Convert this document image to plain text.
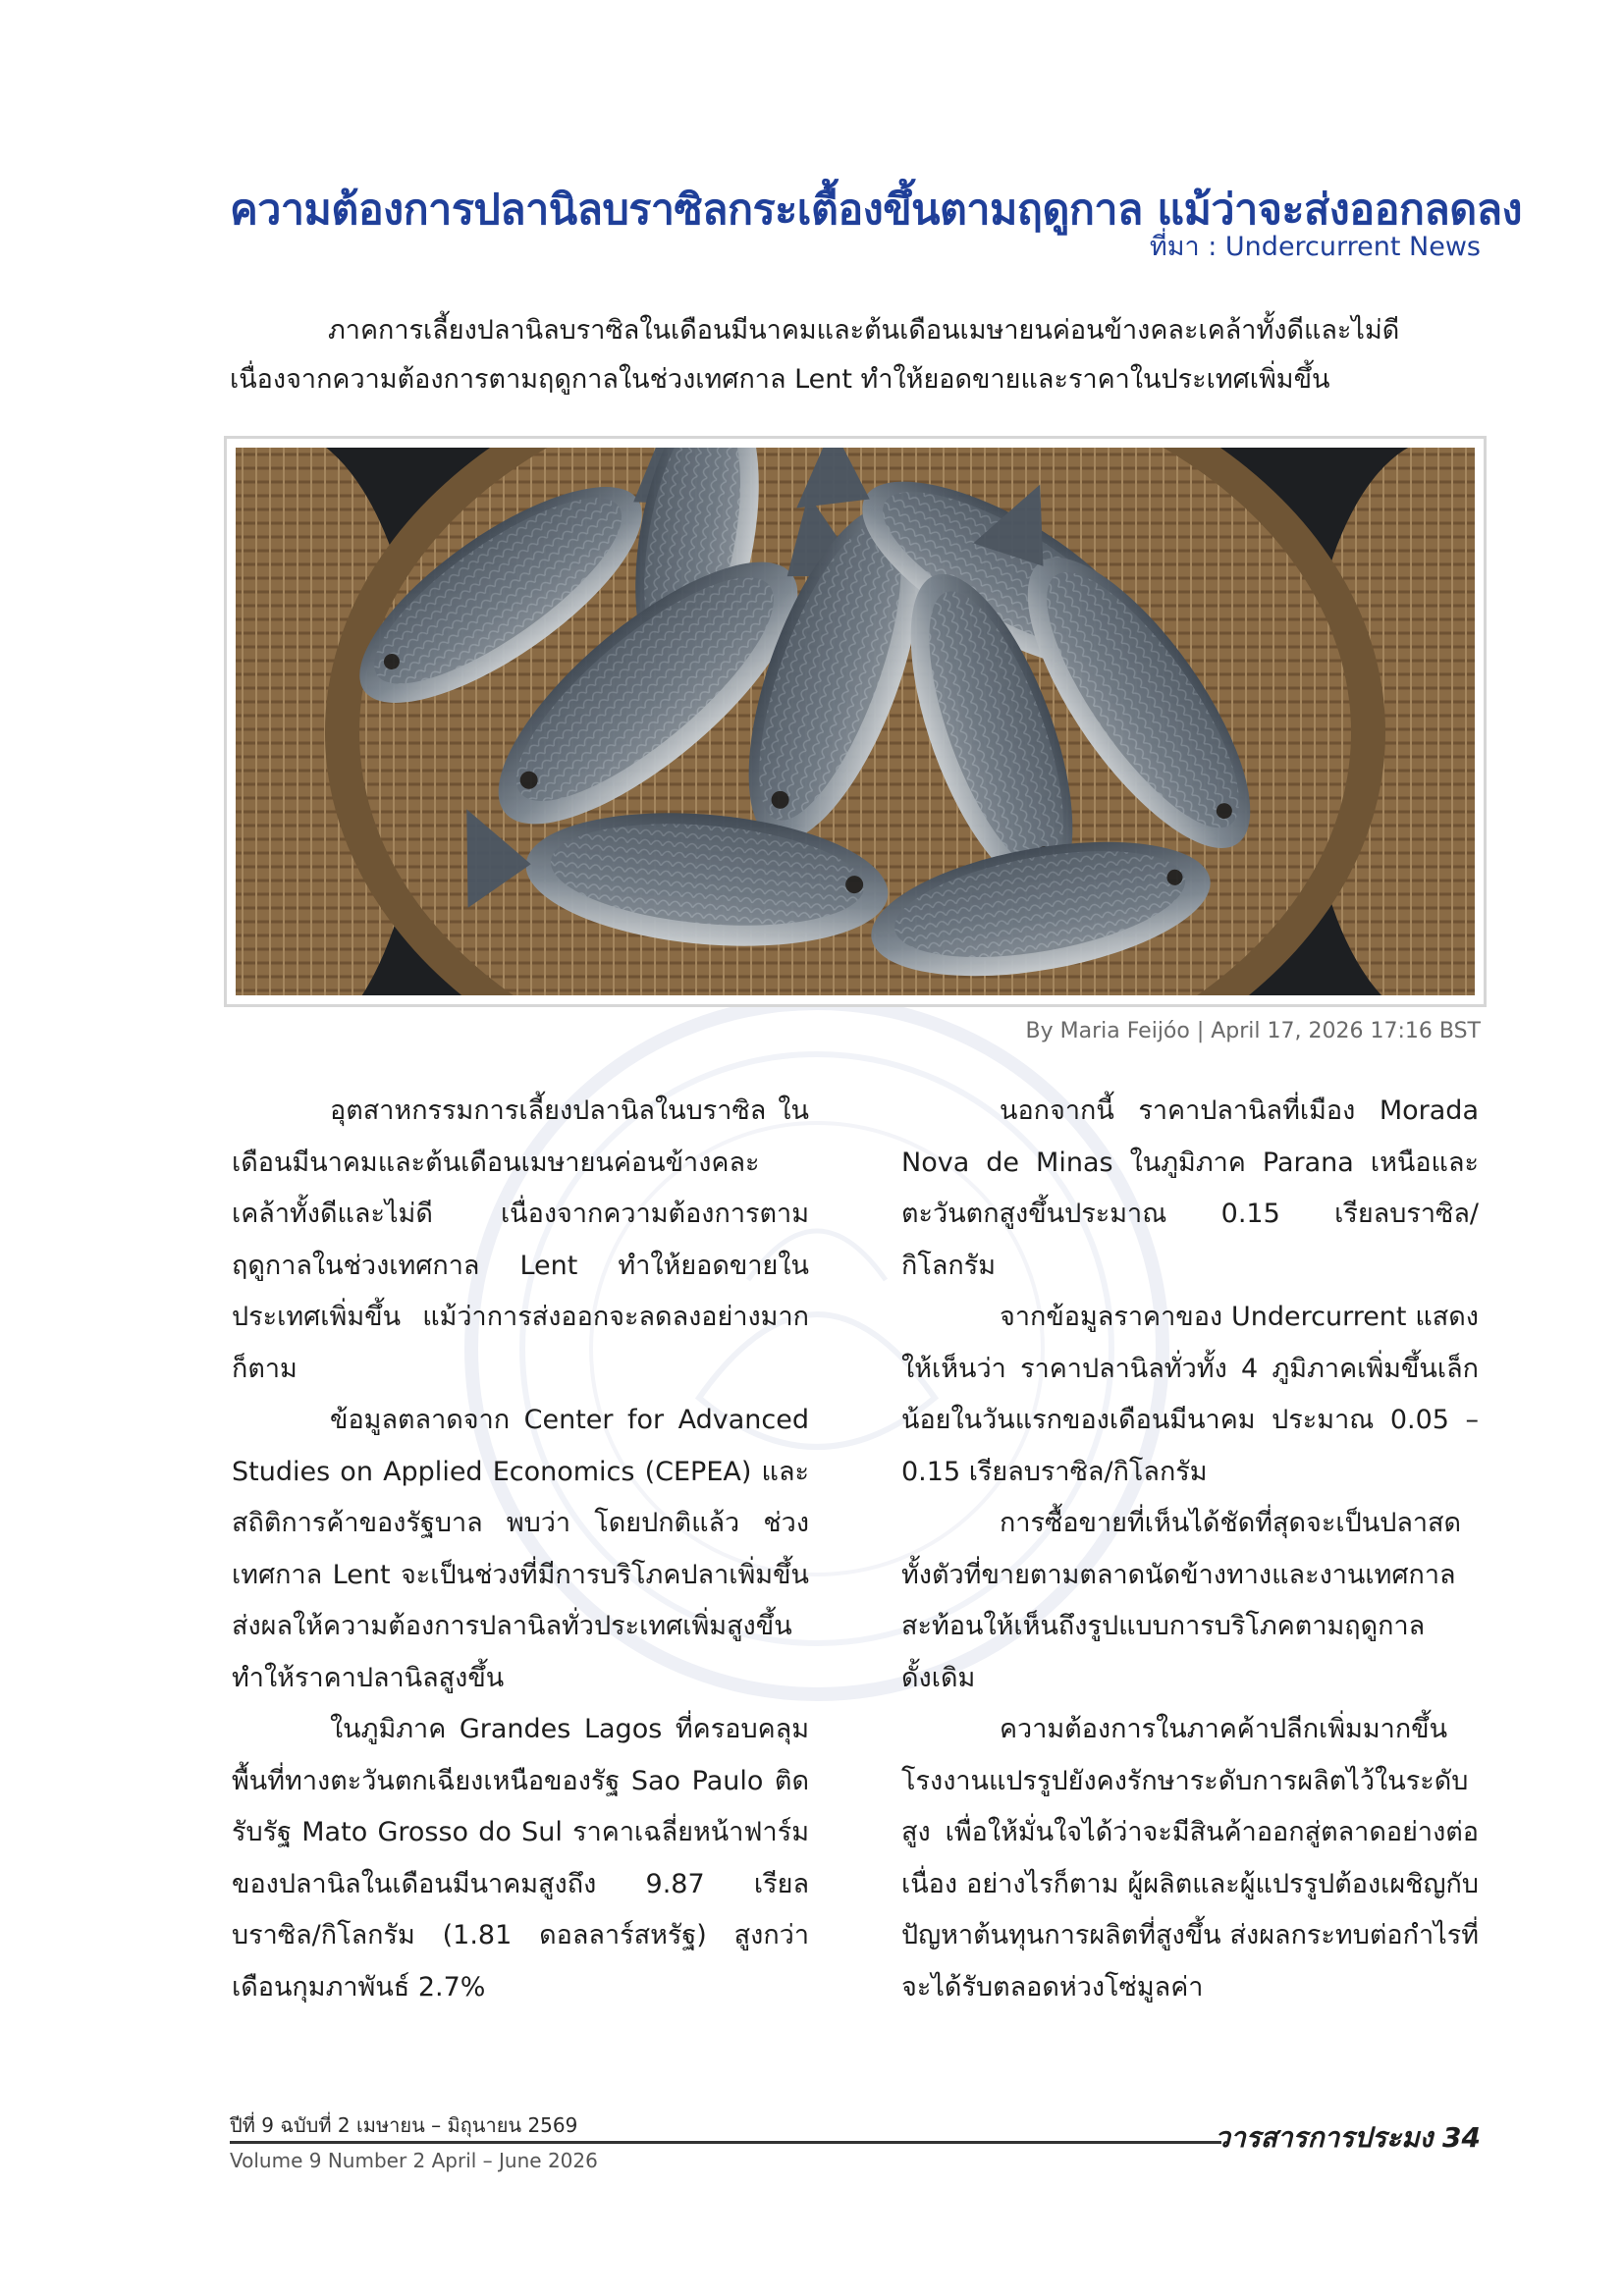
ความต้องการปลานิลบราซิลกระเตื้องขึ้นตามฤดูกาล แม้ว่าจะส่งออกลดลง
ที่มา : Undercurrent News

ภาคการเลี้ยงปลานิลบราซิลในเดือนมีนาคมและต้นเดือนเมษายนค่อนข้างคละเคล้าทั้งดีและไม่ดี เนื่องจากความต้องการตามฤดูกาลในช่วงเทศกาล Lent ทำให้ยอดขายและราคาในประเทศเพิ่มขึ้น

By Maria Feijóo | April 17, 2026 17:16 BST

อุตสาหกรรมการเลี้ยงปลานิลในบราซิล ในเดือนมีนาคมและต้นเดือนเมษายนค่อนข้างคละเคล้าทั้งดีและไม่ดี เนื่องจากความต้องการตามฤดูกาลในช่วงเทศกาล Lent ทำให้ยอดขายในประเทศเพิ่มขึ้น แม้ว่าการส่งออกจะลดลงอย่างมากก็ตาม

ข้อมูลตลาดจาก Center for Advanced Studies on Applied Economics (CEPEA) และสถิติการค้าของรัฐบาล พบว่า โดยปกติแล้ว ช่วงเทศกาล Lent จะเป็นช่วงที่มีการบริโภคปลาเพิ่มขึ้น ส่งผลให้ความต้องการปลานิลทั่วประเทศเพิ่มสูงขึ้น ทำให้ราคาปลานิลสูงขึ้น

ในภูมิภาค Grandes Lagos ที่ครอบคลุมพื้นที่ทางตะวันตกเฉียงเหนือของรัฐ Sao Paulo ติดรับรัฐ Mato Grosso do Sul ราคาเฉลี่ยหน้าฟาร์มของปลานิลในเดือนมีนาคมสูงถึง 9.87 เรียลบราซิล/กิโลกรัม (1.81 ดอลลาร์สหรัฐ) สูงกว่าเดือนกุมภาพันธ์ 2.7%

นอกจากนี้ ราคาปลานิลที่เมือง Morada Nova de Minas ในภูมิภาค Parana เหนือและตะวันตกสูงขึ้นประมาณ 0.15 เรียลบราซิล/กิโลกรัม

จากข้อมูลราคาของ Undercurrent แสดงให้เห็นว่า ราคาปลานิลทั่วทั้ง 4 ภูมิภาคเพิ่มขึ้นเล็กน้อยในวันแรกของเดือนมีนาคม ประมาณ 0.05 – 0.15 เรียลบราซิล/กิโลกรัม

การซื้อขายที่เห็นได้ชัดที่สุดจะเป็นปลาสดทั้งตัวที่ขายตามตลาดนัดข้างทางและงานเทศกาล สะท้อนให้เห็นถึงรูปแบบการบริโภคตามฤดูกาลดั้งเดิม

ความต้องการในภาคค้าปลีกเพิ่มมากขึ้น โรงงานแปรรูปยังคงรักษาระดับการผลิตไว้ในระดับสูง เพื่อให้มั่นใจได้ว่าจะมีสินค้าออกสู่ตลาดอย่างต่อเนื่อง อย่างไรก็ตาม ผู้ผลิตและผู้แปรรูปต้องเผชิญกับปัญหาต้นทุนการผลิตที่สูงขึ้น ส่งผลกระทบต่อกำไรที่จะได้รับตลอดห่วงโซ่มูลค่า

ปีที่ 9 ฉบับที่ 2 เมษายน – มิถุนายน 2569
Volume 9 Number 2 April – June 2026
วารสารการประมง 34
